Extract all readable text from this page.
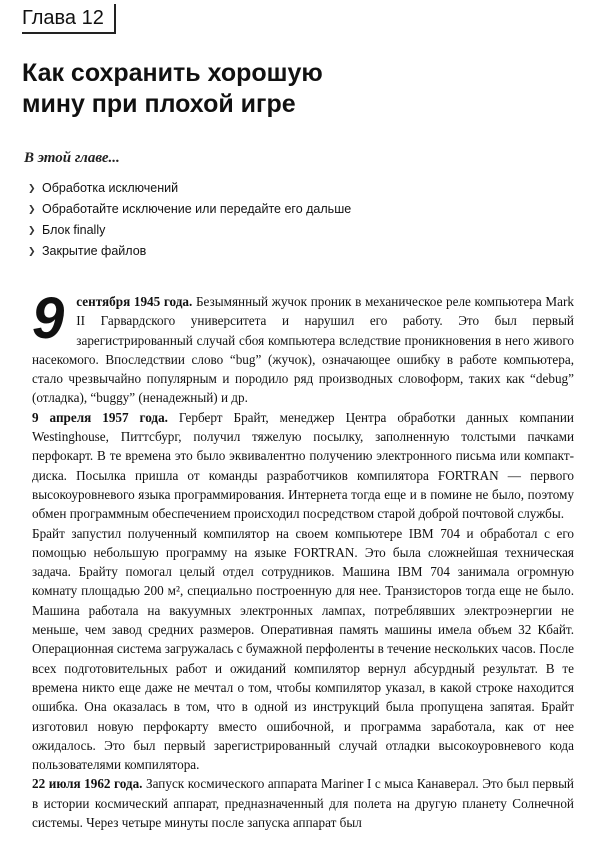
Глава 12
Как сохранить хорошую
мину при плохой игре
В этой главе...
❯ Обработка исключений
❯ Обработайте исключение или передайте его дальше
❯ Блок finally
❯ Закрытие файлов

9 сентября 1945 года. Безымянный жучок проник в механическое реле компьютера Mark II Гарвардского университета и нарушил его работу. Это был первый зарегистрированный случай сбоя компьютера вследствие проникновения в него живого насекомого. Впоследствии слово “bug” (жучок), означающее ошибку в работе компьютера, стало чрезвычайно популярным и породило ряд производных словоформ, таких как “debug” (отладка), “buggy” (ненадежный) и др.

9 апреля 1957 года. Герберт Брайт, менеджер Центра обработки данных компании Westinghouse, Питтсбург, получил тяжелую посылку, заполненную толстыми пачками перфокарт. В те времена это было эквивалентно получению электронного письма или компакт-диска. Посылка пришла от команды разработчиков компилятора FORTRAN — первого высокоуровневого языка программирования. Интернета тогда еще и в помине не было, поэтому обмен программным обеспечением происходил посредством старой доброй почтовой службы.

Брайт запустил полученный компилятор на своем компьютере IBM 704 и обработал с его помощью небольшую программу на языке FORTRAN. Это была сложнейшая техническая задача. Брайту помогал целый отдел сотрудников. Машина IBM 704 занимала огромную комнату площадью 200 м², специально построенную для нее. Транзисторов тогда еще не было. Машина работала на вакуумных электронных лампах, потреблявших электроэнергии не меньше, чем завод средних размеров. Оперативная память машины имела объем 32 Кбайт. Операционная система загружалась с бумажной перфоленты в течение нескольких часов. После всех подготовительных работ и ожиданий компилятор вернул абсурдный результат. В те времена никто еще даже не мечтал о том, чтобы компилятор указал, в какой строке находится ошибка. Она оказалась в том, что в одной из инструкций была пропущена запятая. Брайт изготовил новую перфокарту вместо ошибочной, и программа заработала, как от нее ожидалось. Это был первый зарегистрированный случай отладки высокоуровневого кода пользователями компилятора.

22 июля 1962 года. Запуск космического аппарата Mariner I с мыса Канаверал. Это был первый в истории космический аппарат, предназначенный для полета на другую планету Солнечной системы. Через четыре минуты после запуска аппарат был
